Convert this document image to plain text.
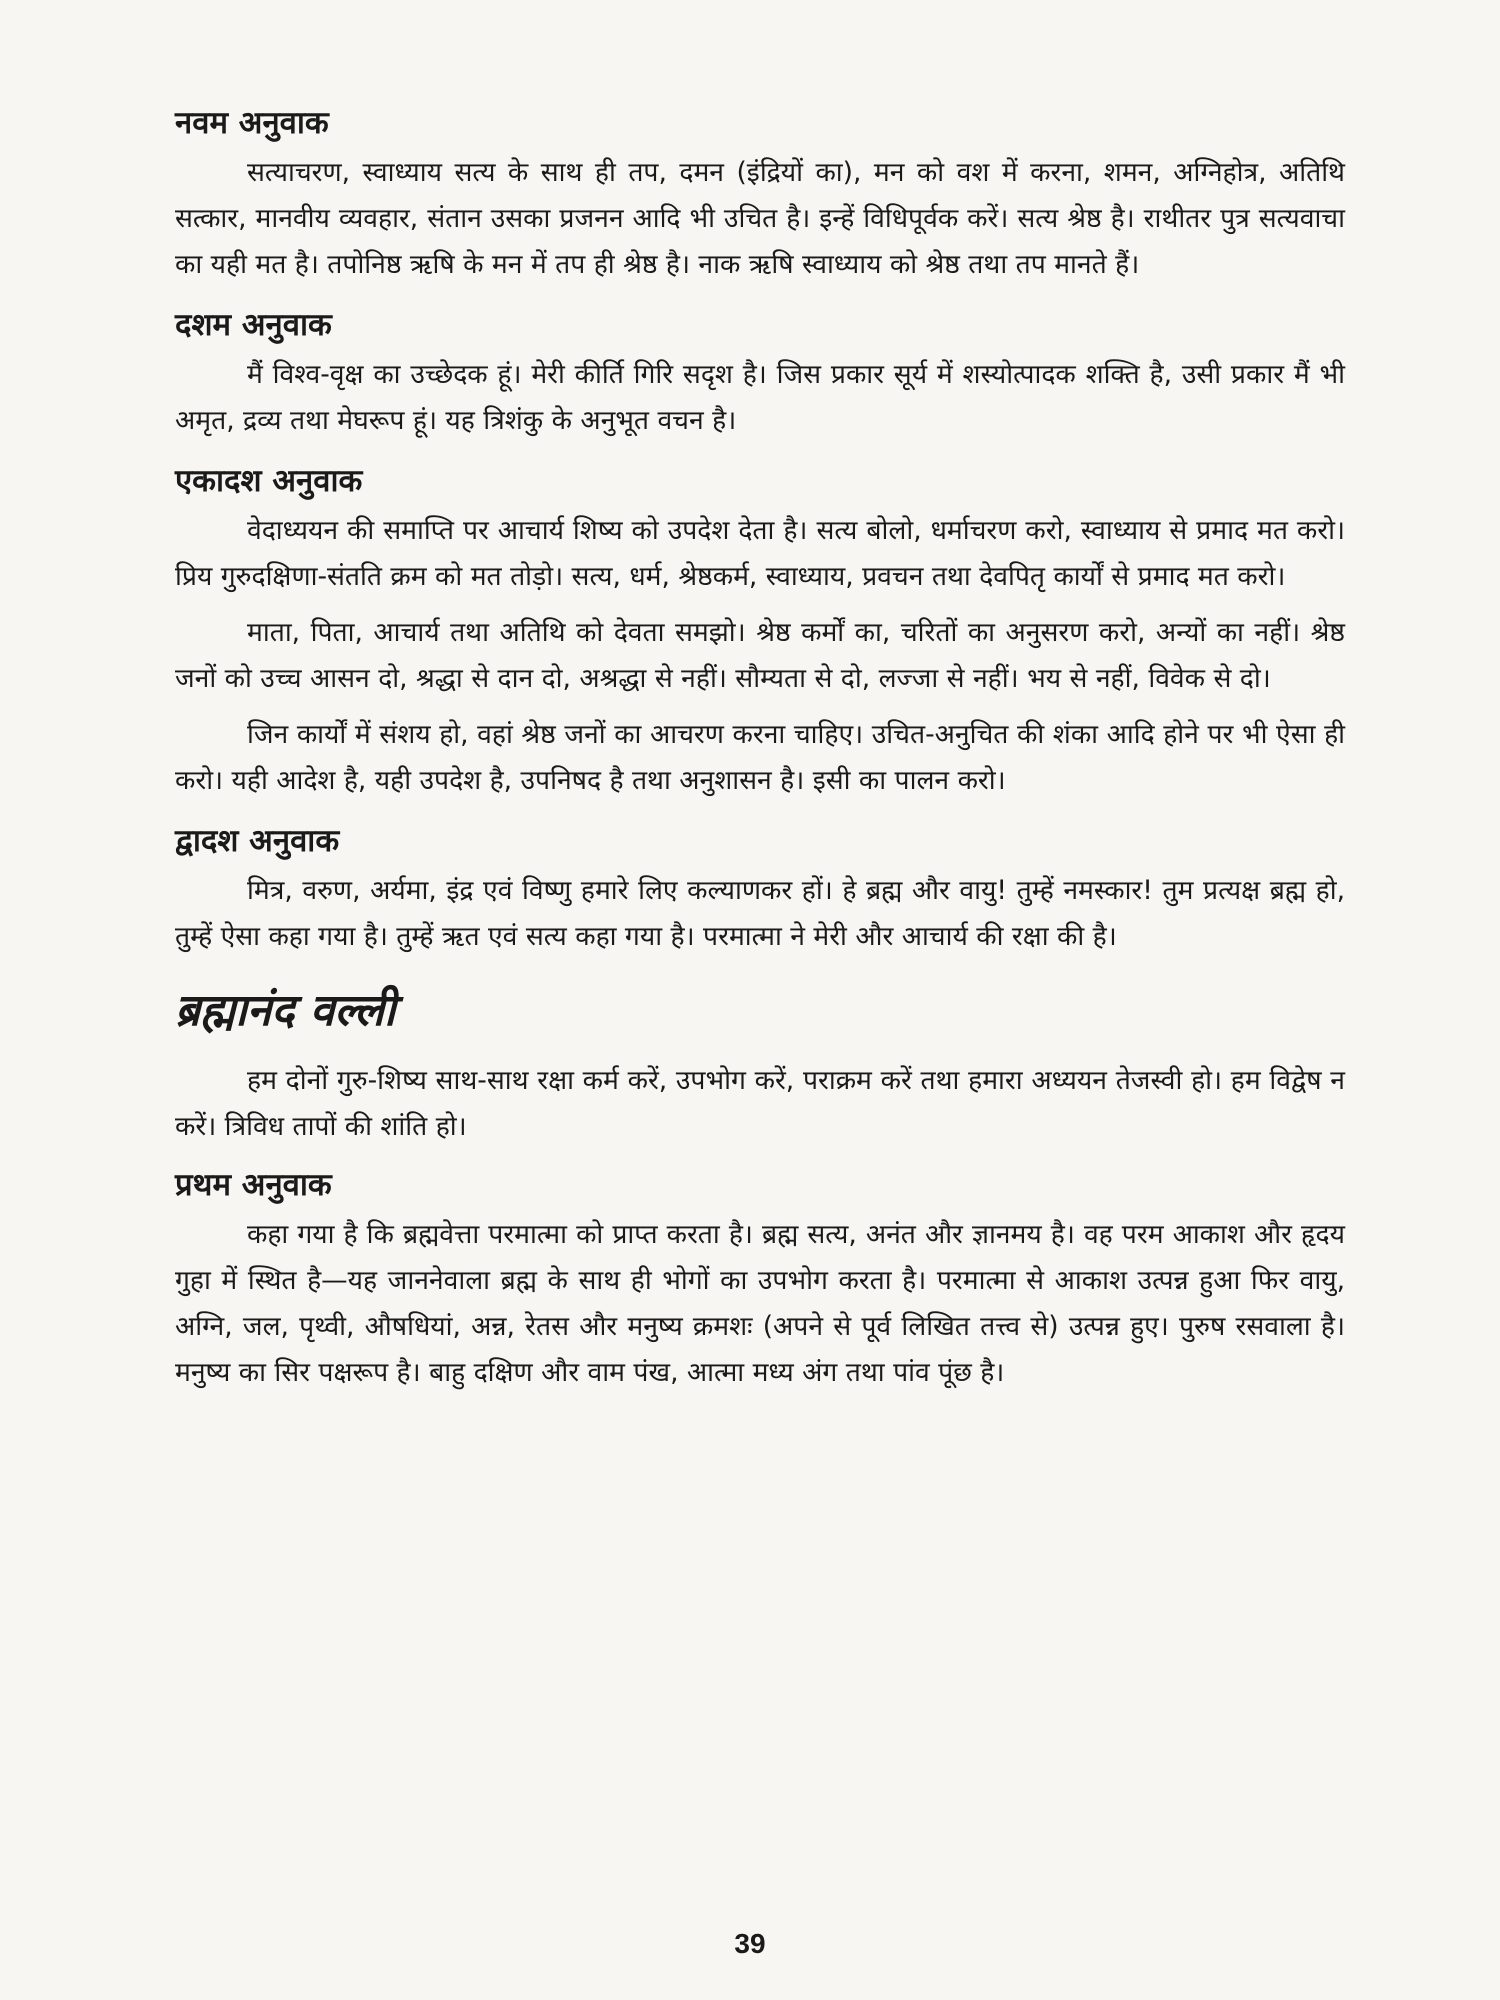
नवम अनुवाक

सत्याचरण, स्वाध्याय सत्य के साथ ही तप, दमन (इंद्रियों का), मन को वश में करना, शमन, अग्निहोत्र, अतिथि सत्कार, मानवीय व्यवहार, संतान उसका प्रजनन आदि भी उचित है। इन्हें विधिपूर्वक करें। सत्य श्रेष्ठ है। राथीतर पुत्र सत्यवाचा का यही मत है। तपोनिष्ठ ऋषि के मन में तप ही श्रेष्ठ है। नाक ऋषि स्वाध्याय को श्रेष्ठ तथा तप मानते हैं।

दशम अनुवाक

मैं विश्व-वृक्ष का उच्छेदक हूं। मेरी कीर्ति गिरि सदृश है। जिस प्रकार सूर्य में शस्योत्पादक शक्ति है, उसी प्रकार मैं भी अमृत, द्रव्य तथा मेघरूप हूं। यह त्रिशंकु के अनुभूत वचन है।

एकादश अनुवाक

वेदाध्ययन की समाप्ति पर आचार्य शिष्य को उपदेश देता है। सत्य बोलो, धर्माचरण करो, स्वाध्याय से प्रमाद मत करो। प्रिय गुरुदक्षिणा-संतति क्रम को मत तोड़ो। सत्य, धर्म, श्रेष्ठकर्म, स्वाध्याय, प्रवचन तथा देवपितृ कार्यों से प्रमाद मत करो।

माता, पिता, आचार्य तथा अतिथि को देवता समझो। श्रेष्ठ कर्मों का, चरितों का अनुसरण करो, अन्यों का नहीं। श्रेष्ठ जनों को उच्च आसन दो, श्रद्धा से दान दो, अश्रद्धा से नहीं। सौम्यता से दो, लज्जा से नहीं। भय से नहीं, विवेक से दो।

जिन कार्यों में संशय हो, वहां श्रेष्ठ जनों का आचरण करना चाहिए। उचित-अनुचित की शंका आदि होने पर भी ऐसा ही करो। यही आदेश है, यही उपदेश है, उपनिषद है तथा अनुशासन है। इसी का पालन करो।

द्वादश अनुवाक

मित्र, वरुण, अर्यमा, इंद्र एवं विष्णु हमारे लिए कल्याणकर हों। हे ब्रह्म और वायु! तुम्हें नमस्कार! तुम प्रत्यक्ष ब्रह्म हो, तुम्हें ऐसा कहा गया है। तुम्हें ऋत एवं सत्य कहा गया है। परमात्मा ने मेरी और आचार्य की रक्षा की है।

ब्रह्मानंद वल्ली

हम दोनों गुरु-शिष्य साथ-साथ रक्षा कर्म करें, उपभोग करें, पराक्रम करें तथा हमारा अध्ययन तेजस्वी हो। हम विद्वेष न करें। त्रिविध तापों की शांति हो।

प्रथम अनुवाक

कहा गया है कि ब्रह्मवेत्ता परमात्मा को प्राप्त करता है। ब्रह्म सत्य, अनंत और ज्ञानमय है। वह परम आकाश और हृदय गुहा में स्थित है—यह जाननेवाला ब्रह्म के साथ ही भोगों का उपभोग करता है। परमात्मा से आकाश उत्पन्न हुआ फिर वायु, अग्नि, जल, पृथ्वी, औषधियां, अन्न, रेतस और मनुष्य क्रमशः (अपने से पूर्व लिखित तत्त्व से) उत्पन्न हुए। पुरुष रसवाला है। मनुष्य का सिर पक्षरूप है। बाहु दक्षिण और वाम पंख, आत्मा मध्य अंग तथा पांव पूंछ है।

39
